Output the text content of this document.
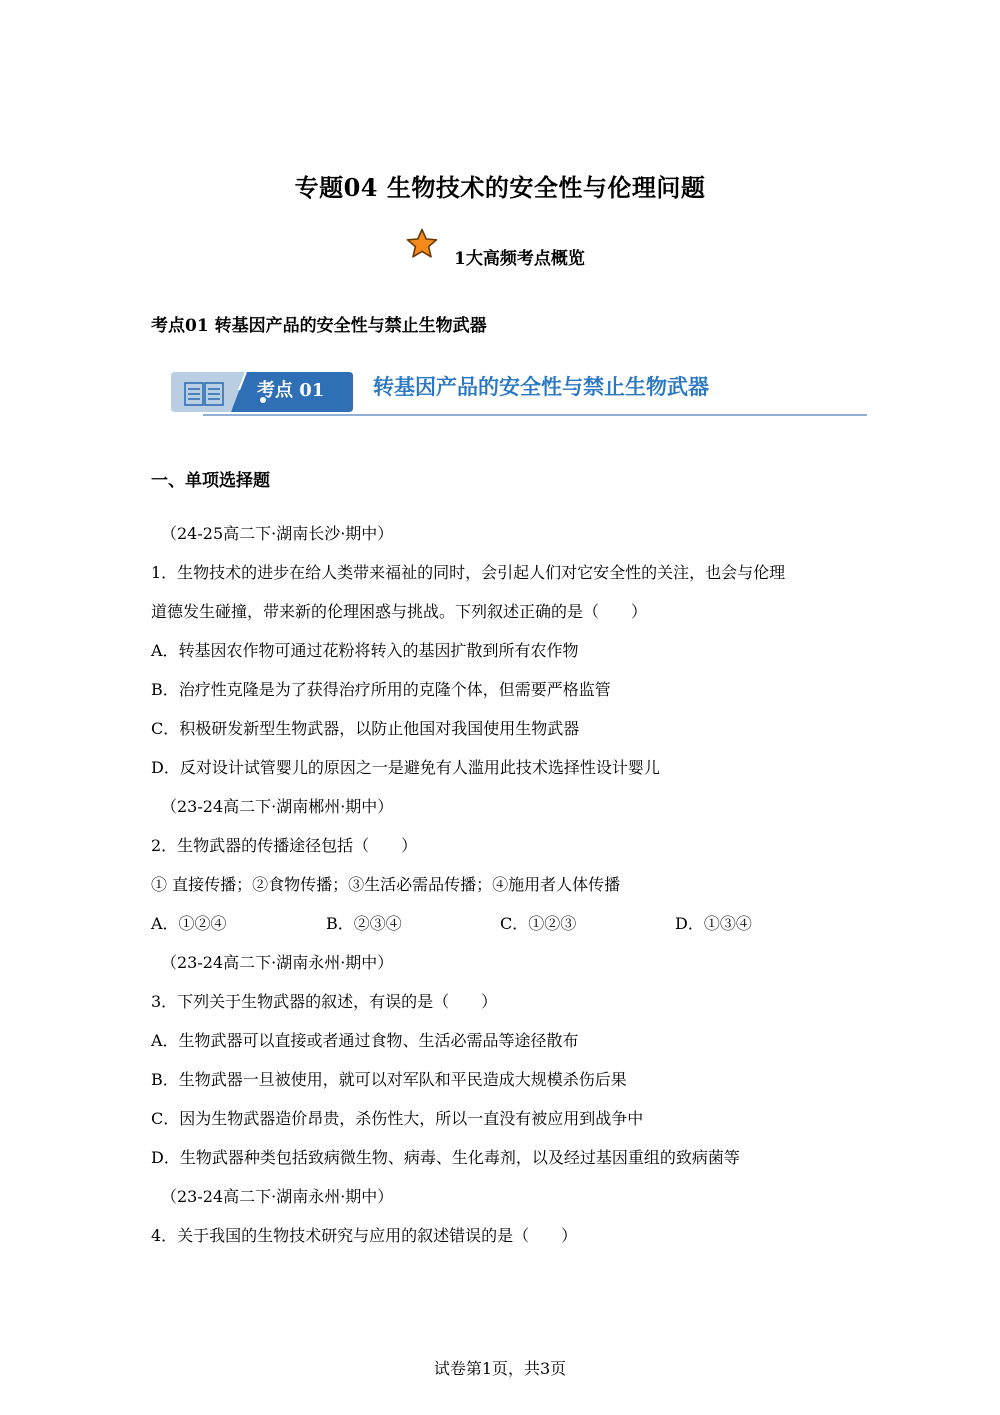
专题04 生物技术的安全性与伦理问题
1大高频考点概览
考点01 转基因产品的安全性与禁止生物武器
考点 01 转基因产品的安全性与禁止生物武器
一、单项选择题
（24-25高二下·湖南长沙·期中）
1．生物技术的进步在给人类带来福祉的同时，会引起人们对它安全性的关注，也会与伦理
道德发生碰撞，带来新的伦理困惑与挑战。下列叙述正确的是（　　）
A．转基因农作物可通过花粉将转入的基因扩散到所有农作物
B．治疗性克隆是为了获得治疗所用的克隆个体，但需要严格监管
C．积极研发新型生物武器，以防止他国对我国使用生物武器
D．反对设计试管婴儿的原因之一是避免有人滥用此技术选择性设计婴儿
（23-24高二下·湖南郴州·期中）
2．生物武器的传播途径包括（　　）
① 直接传播；②食物传播；③生活必需品传播；④施用者人体传播
A．①②④	B．②③④	C．①②③	D．①③④
（23-24高二下·湖南永州·期中）
3．下列关于生物武器的叙述，有误的是（　　）
A．生物武器可以直接或者通过食物、生活必需品等途径散布
B．生物武器一旦被使用，就可以对军队和平民造成大规模杀伤后果
C．因为生物武器造价昂贵，杀伤性大，所以一直没有被应用到战争中
D．生物武器种类包括致病微生物、病毒、生化毒剂，以及经过基因重组的致病菌等
（23-24高二下·湖南永州·期中）
4．关于我国的生物技术研究与应用的叙述错误的是（　　）
试卷第1页，共3页
